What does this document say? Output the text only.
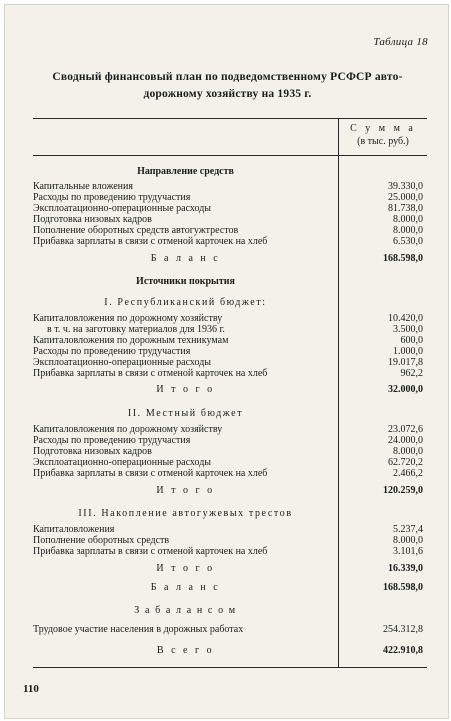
Таблица 18
Сводный финансовый план по подведомственному РСФСР авто-
дорожному хозяйству на 1935 г.
С у м м а
(в тыс. руб.)
Направление средств
Капитальные вложения	39.330,0
Расходы по проведению трудучастия	25.000,0
Эксплоатационно-операционные расходы	81.738,0
Подготовка низовых кадров	8.000,0
Пополнение оборотных средств автогужтрестов	8.000,0
Прибавка зарплаты в связи с отменой карточек на хлеб	6.530,0
Б а л а н с	168.598,0
Источники покрытия
I. Республиканский бюджет:
Капиталовложения по дорожному хозяйству	10.420,0
в т. ч. на заготовку материалов для 1936 г.	3.500,0
Капиталовложения по дорожным техникумам	600,0
Расходы по проведению трудучастия	1.000,0
Эксплоатационно-операционные расходы	19.017,8
Прибавка зарплаты в связи с отменой карточек на хлеб	962,2
И т о г о	32.000,0
II. Местный бюджет
Капиталовложения по дорожному хозяйству	23.072,6
Расходы по проведению трудучастия	24.000,0
Подготовка низовых кадров	8.000,0
Эксплоатационно-операционные расходы	62.720,2
Прибавка зарплаты в связи с отменой карточек на хлеб	2.466,2
И т о г о	120.259,0
III. Накопление автогужевых трестов
Капиталовложения	5.237,4
Пополнение оборотных средств	8.000,0
Прибавка зарплаты в связи с отменой карточек на хлеб	3.101,6
И т о г о	16.339,0
Б а л а н с	168.598,0
З а б а л а н с о м
Трудовое участие населения в дорожных работах	254.312,8
В с е г о	422.910,8
110
